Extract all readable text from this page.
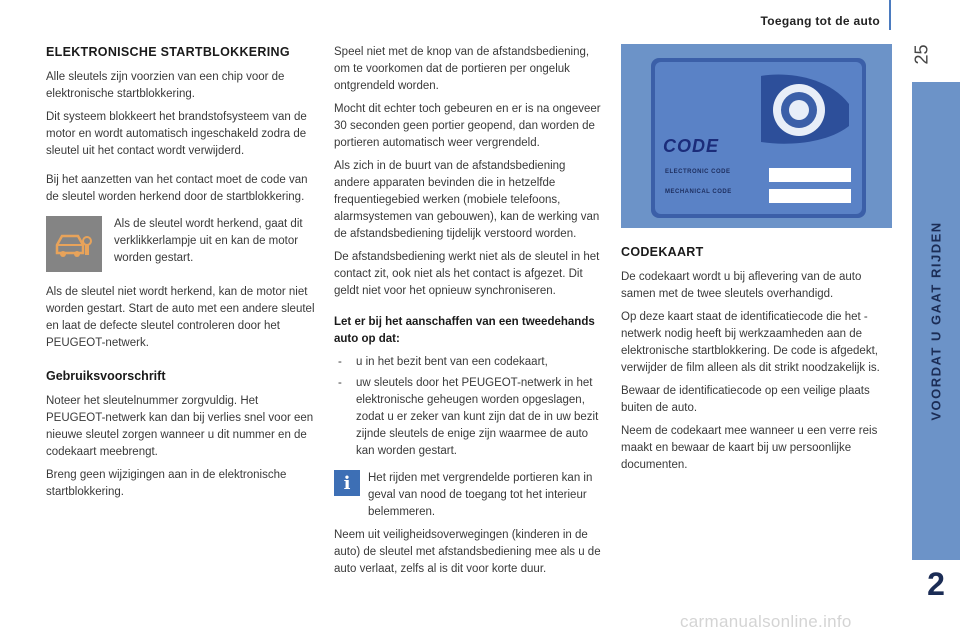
Toegang tot de auto
25
VOORDAT U GAAT RIJDEN
2
ELEKTRONISCHE STARTBLOKKERING

Alle sleutels zijn voorzien van een chip voor de elektronische startblokkering.

Dit systeem blokkeert het brandstofsysteem van de motor en wordt automatisch ingeschakeld zodra de sleutel uit het contact wordt verwijderd.

Bij het aanzetten van het contact moet de code van de sleutel worden herkend door de startblokkering.

Als de sleutel wordt herkend, gaat dit verklikkerlampje uit en kan de motor worden gestart.

Als de sleutel niet wordt herkend, kan de motor niet worden gestart. Start de auto met een andere sleutel en laat de defecte sleutel controleren door het PEUGEOT-netwerk.

Gebruiksvoorschrift

Noteer het sleutelnummer zorgvuldig. Het PEUGEOT-netwerk kan dan bij verlies snel voor een nieuwe sleutel zorgen wanneer u dit nummer en de codekaart meebrengt.

Breng geen wijzigingen aan in de elektronische startblokkering.

Speel niet met de knop van de afstandsbediening, om te voorkomen dat de portieren per ongeluk ontgrendeld worden.

Mocht dit echter toch gebeuren en er is na ongeveer 30 seconden geen portier geopend, dan worden de portieren automatisch weer vergrendeld.

Als zich in de buurt van de afstandsbediening andere apparaten bevinden die in hetzelfde frequentiegebied werken (mobiele telefoons, alarmsystemen van gebouwen), kan de werking van de afstandsbediening tijdelijk verstoord worden.

De afstandsbediening werkt niet als de sleutel in het contact zit, ook niet als het contact is afgezet. Dit geldt niet voor het opnieuw synchroniseren.

Let er bij het aanschaffen van een tweedehands auto op dat:
- u in het bezit bent van een codekaart,
- uw sleutels door het PEUGEOT-netwerk in het elektronische geheugen worden opgeslagen, zodat u er zeker van kunt zijn dat de in uw bezit zijnde sleutels de enige zijn waarmee de auto kan worden gestart.
i	Het rijden met vergrendelde portieren kan in geval van nood de toegang tot het interieur belemmeren.

Neem uit veiligheidsoverwegingen (kinderen in de auto) de sleutel met afstandsbediening mee als u de auto verlaat, zelfs al is dit voor korte duur.

CODE
ELECTRONIC CODE
MECHANICAL CODE
CODEKAART

De codekaart wordt u bij aflevering van de auto samen met de twee sleutels overhandigd.

Op deze kaart staat de identificatiecode die het -netwerk nodig heeft bij werkzaamheden aan de elektronische startblokkering. De code is afgedekt, verwijder de film alleen als dit strikt noodzakelijk is.

Bewaar de identificatiecode op een veilige plaats buiten de auto.

Neem de codekaart mee wanneer u een verre reis maakt en bewaar de kaart bij uw persoonlijke documenten.

carmanualsonline.info
